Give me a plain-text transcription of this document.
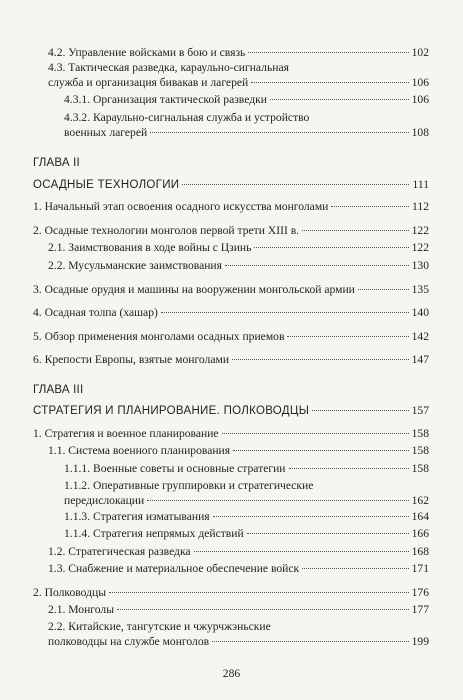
4.2. Управление войсками в бою и связь	102
4.3. Тактическая разведка, караульно-сигнальная
служба и организация бивакав и лагерей	106
4.3.1. Организация тактической разведки	106
4.3.2. Караульно-сигнальная служба и устройство
военных лагерей	108
ГЛАВА II
ОСАДНЫЕ ТЕХНОЛОГИИ	111
1. Начальный этап освоения осадного искусства монголами	112
2. Осадные технологии монголов первой трети XIII в.	122
2.1. Заимствования в ходе войны с Цзинь	122
2.2. Мусульманские заимствования	130
3. Осадные орудия и машины на вооружении монгольской армии	135
4. Осадная толпа (хашар)	140
5. Обзор применения монголами осадных приемов	142
6. Крепости Европы, взятые монголами	147
ГЛАВА III
СТРАТЕГИЯ И ПЛАНИРОВАНИЕ. ПОЛКОВОДЦЫ	157
1. Стратегия и военное планирование	158
1.1. Система военного планирования	158
1.1.1. Военные советы и основные стратегии	158
1.1.2. Оперативные группировки и стратегические
передислокации	162
1.1.3. Стратегия изматывания	164
1.1.4. Стратегия непрямых действий	166
1.2. Стратегическая разведка	168
1.3. Снабжение и материальное обеспечение войск	171
2. Полководцы	176
2.1. Монголы	177
2.2. Китайские, тангутские и чжурчжэньские
полководцы на службе монголов	199
286
